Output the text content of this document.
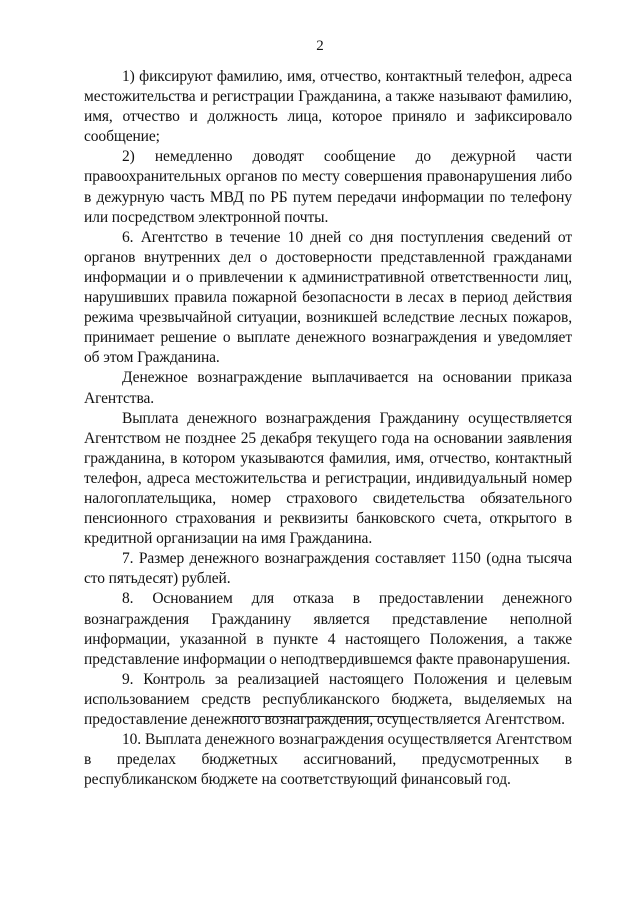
2

1) фиксируют фамилию, имя, отчество, контактный телефон, адреса местожительства и регистрации Гражданина, а также называют фамилию, имя, отчество и должность лица, которое приняло и зафиксировало сообщение;

2) немедленно доводят сообщение до дежурной части правоохранительных органов по месту совершения правонарушения либо в дежурную часть МВД по РБ путем передачи информации по телефону или посредством электронной почты.

6. Агентство в течение 10 дней со дня поступления сведений от органов внутренних дел о достоверности представленной гражданами информации и о привлечении к административной ответственности лиц, нарушивших правила пожарной безопасности в лесах в период действия режима чрезвычайной ситуации, возникшей вследствие лесных пожаров, принимает решение о выплате денежного вознаграждения и уведомляет об этом Гражданина.

Денежное вознаграждение выплачивается на основании приказа Агентства.

Выплата денежного вознаграждения Гражданину осуществляется Агентством не позднее 25 декабря текущего года на основании заявления гражданина, в котором указываются фамилия, имя, отчество, контактный телефон, адреса местожительства и регистрации, индивидуальный номер налогоплательщика, номер страхового свидетельства обязательного пенсионного страхования и реквизиты банковского счета, открытого в кредитной организации на имя Гражданина.

7. Размер денежного вознаграждения составляет 1150 (одна тысяча сто пятьдесят) рублей.

8. Основанием для отказа в предоставлении денежного вознаграждения Гражданину является представление неполной информации, указанной в пункте 4 настоящего Положения, а также представление информации о неподтвердившемся факте правонарушения.

9. Контроль за реализацией настоящего Положения и целевым использованием средств республиканского бюджета, выделяемых на предоставление денежного вознаграждения, осуществляется Агентством.

10. Выплата денежного вознаграждения осуществляется Агентством в пределах бюджетных ассигнований, предусмотренных в республиканском бюджете на соответствующий финансовый год.
